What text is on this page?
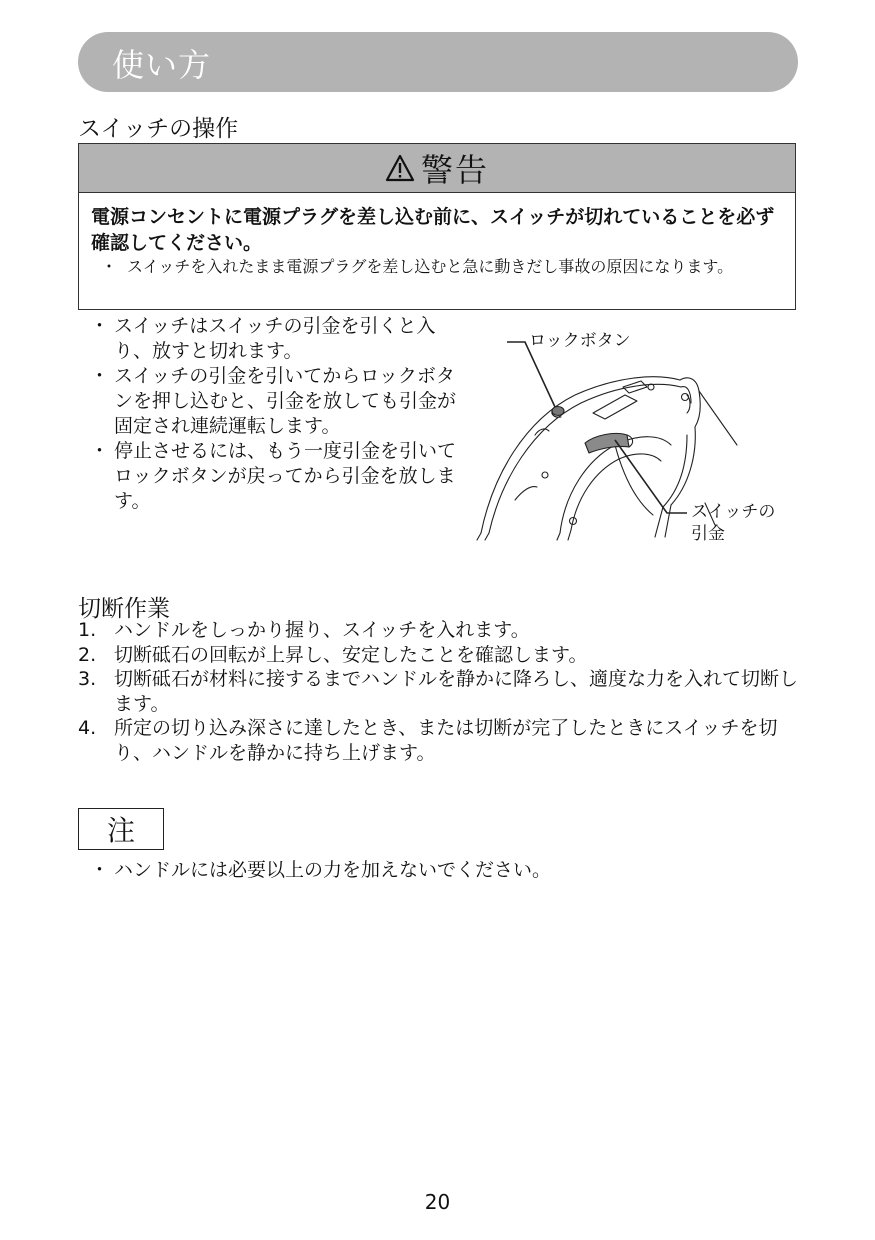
使い方
スイッチの操作
警告
電源コンセントに電源プラグを差し込む前に、スイッチが切れていることを必ず確認してください。
・ スイッチを入れたまま電源プラグを差し込むと急に動きだし事故の原因になります。
・ スイッチはスイッチの引金を引くと入り、放すと切れます。
・ スイッチの引金を引いてからロックボタンを押し込むと、引金を放しても引金が固定され連続運転します。
・ 停止させるには、もう一度引金を引いてロックボタンが戻ってから引金を放します。
ロックボタン
スイッチの
引金
切断作業
1. ハンドルをしっかり握り、スイッチを入れます。
2. 切断砥石の回転が上昇し、安定したことを確認します。
3. 切断砥石が材料に接するまでハンドルを静かに降ろし、適度な力を入れて切断します。
4. 所定の切り込み深さに達したとき、または切断が完了したときにスイッチを切り、ハンドルを静かに持ち上げます。
注
・ ハンドルには必要以上の力を加えないでください。
20
